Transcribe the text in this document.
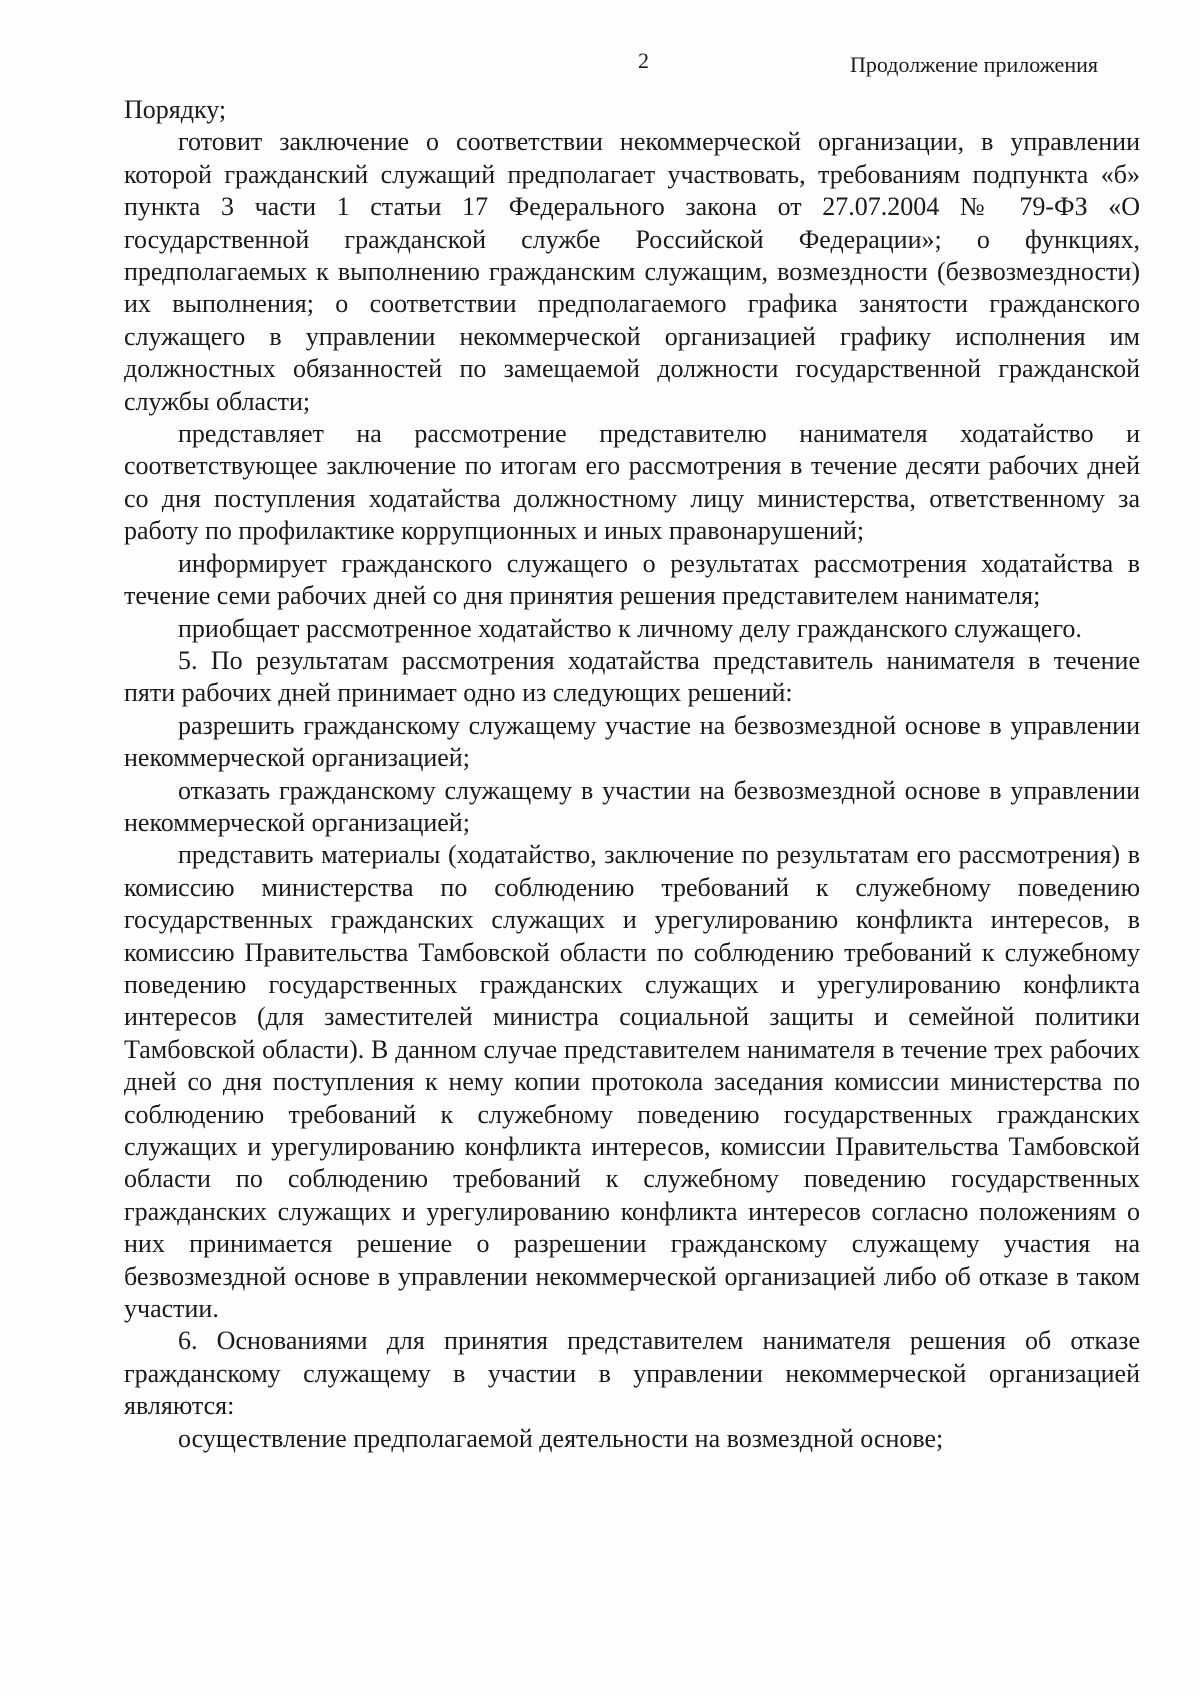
2	Продолжение приложения

Порядку;

готовит заключение о соответствии некоммерческой организации, в управлении которой гражданский служащий предполагает участвовать, требованиям подпункта «б» пункта 3 части 1 статьи 17 Федерального закона от 27.07.2004 № 79-ФЗ «О государственной гражданской службе Российской Федерации»; о функциях, предполагаемых к выполнению гражданским служащим, возмездности (безвозмездности) их выполнения; о соответствии предполагаемого графика занятости гражданского служащего в управлении некоммерческой организацией графику исполнения им должностных обязанностей по замещаемой должности государственной гражданской службы области;

представляет на рассмотрение представителю нанимателя ходатайство и соответствующее заключение по итогам его рассмотрения в течение десяти рабочих дней со дня поступления ходатайства должностному лицу министерства, ответственному за работу по профилактике коррупционных и иных правонарушений;

информирует гражданского служащего о результатах рассмотрения ходатайства в течение семи рабочих дней со дня принятия решения представителем нанимателя;

приобщает рассмотренное ходатайство к личному делу гражданского служащего.

5. По результатам рассмотрения ходатайства представитель нанимателя в течение пяти рабочих дней принимает одно из следующих решений:

разрешить гражданскому служащему участие на безвозмездной основе в управлении некоммерческой организацией;

отказать гражданскому служащему в участии на безвозмездной основе в управлении некоммерческой организацией;

представить материалы (ходатайство, заключение по результатам его рассмотрения) в комиссию министерства по соблюдению требований к служебному поведению государственных гражданских служащих и урегулированию конфликта интересов, в комиссию Правительства Тамбовской области по соблюдению требований к служебному поведению государственных гражданских служащих и урегулированию конфликта интересов (для заместителей министра социальной защиты и семейной политики Тамбовской области). В данном случае представителем нанимателя в течение трех рабочих дней со дня поступления к нему копии протокола заседания комиссии министерства по соблюдению требований к служебному поведению государственных гражданских служащих и урегулированию конфликта интересов, комиссии Правительства Тамбовской области по соблюдению требований к служебному поведению государственных гражданских служащих и урегулированию конфликта интересов согласно положениям о них принимается решение о разрешении гражданскому служащему участия на безвозмездной основе в управлении некоммерческой организацией либо об отказе в таком участии.

6. Основаниями для принятия представителем нанимателя решения об отказе гражданскому служащему в участии в управлении некоммерческой организацией являются:

осуществление предполагаемой деятельности на возмездной основе;
